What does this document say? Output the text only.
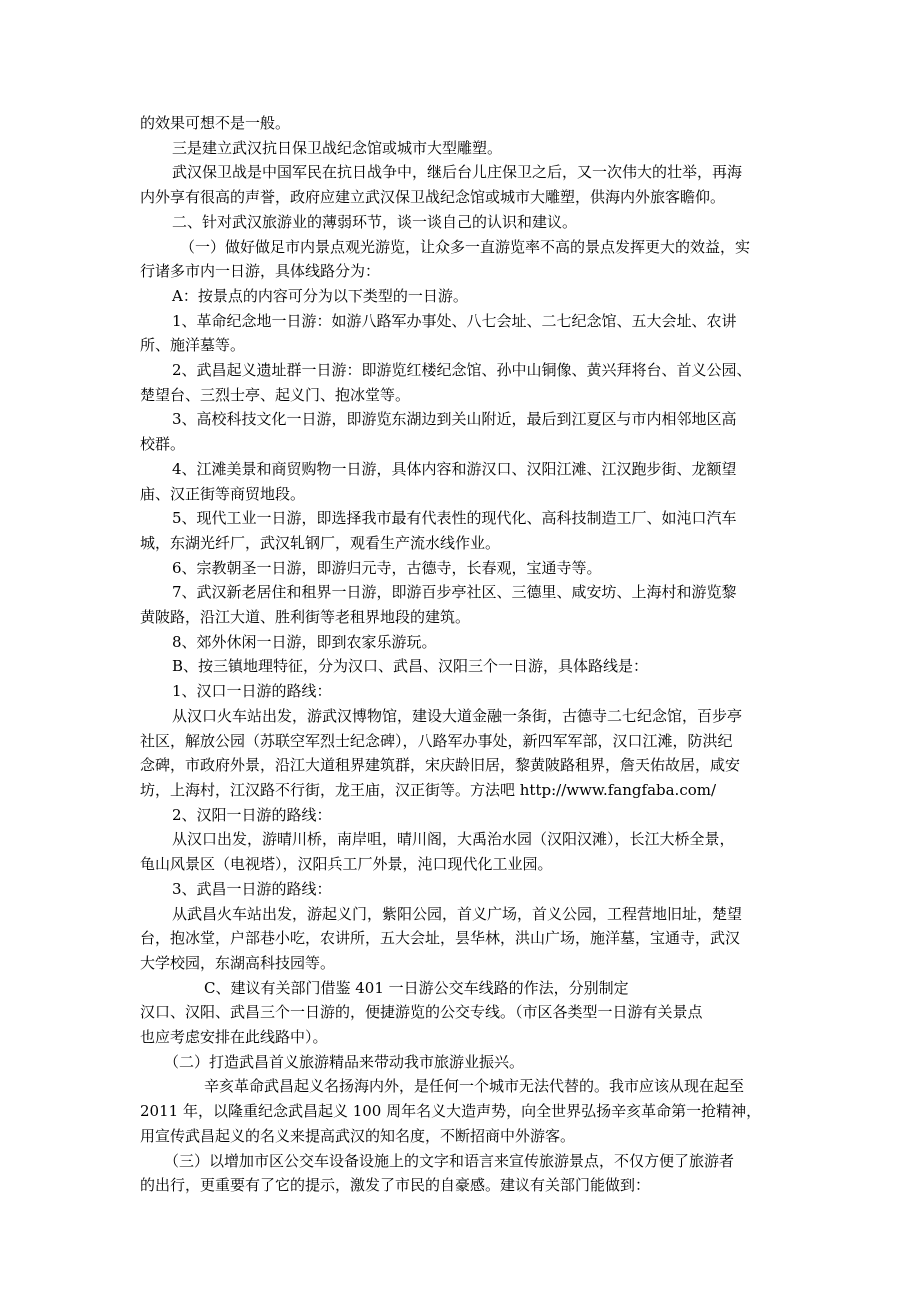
的效果可想不是一般。

三是建立武汉抗日保卫战纪念馆或城市大型雕塑。

武汉保卫战是中国军民在抗日战争中，继后台儿庄保卫之后，又一次伟大的壮举，再海

内外享有很高的声誉，政府应建立武汉保卫战纪念馆或城市大雕塑，供海内外旅客瞻仰。

二、针对武汉旅游业的薄弱环节，谈一谈自己的认识和建议。

（一）做好做足市内景点观光游览，让众多一直游览率不高的景点发挥更大的效益，实

行诸多市内一日游，具体线路分为：

A：按景点的内容可分为以下类型的一日游。

1、革命纪念地一日游：如游八路军办事处、八七会址、二七纪念馆、五大会址、农讲

所、施洋墓等。

2、武昌起义遗址群一日游：即游览红楼纪念馆、孙中山铜像、黄兴拜将台、首义公园、

楚望台、三烈士亭、起义门、抱冰堂等。

3、高校科技文化一日游，即游览东湖边到关山附近，最后到江夏区与市内相邻地区高

校群。

4、江滩美景和商贸购物一日游，具体内容和游汉口、汉阳江滩、江汉跑步街、龙额望

庙、汉正街等商贸地段。

5、现代工业一日游，即选择我市最有代表性的现代化、高科技制造工厂、如沌口汽车

城，东湖光纤厂，武汉轧钢厂，观看生产流水线作业。

6、宗教朝圣一日游，即游归元寺，古德寺，长春观，宝通寺等。

7、武汉新老居住和租界一日游，即游百步亭社区、三德里、咸安坊、上海村和游览黎

黄陂路，沿江大道、胜利街等老租界地段的建筑。

8、郊外休闲一日游，即到农家乐游玩。

B、按三镇地理特征，分为汉口、武昌、汉阳三个一日游，具体路线是：

1、汉口一日游的路线：

从汉口火车站出发，游武汉博物馆，建设大道金融一条街，古德寺二七纪念馆，百步亭

社区，解放公园（苏联空军烈士纪念碑），八路军办事处，新四军军部，汉口江滩，防洪纪

念碑，市政府外景，沿江大道租界建筑群，宋庆龄旧居，黎黄陂路租界，詹天佑故居，咸安

坊，上海村，江汉路不行街，龙王庙，汉正街等。方法吧 http://www.fangfaba.com/

2、汉阳一日游的路线：

从汉口出发，游晴川桥，南岸咀，晴川阁，大禹治水园（汉阳汉滩），长江大桥全景，

龟山风景区（电视塔），汉阳兵工厂外景，沌口现代化工业园。

3、武昌一日游的路线：

从武昌火车站出发，游起义门，紫阳公园，首义广场，首义公园，工程营地旧址，楚望

台，抱冰堂，户部巷小吃，农讲所，五大会址，昙华林，洪山广场，施洋墓，宝通寺，武汉

大学校园，东湖高科技园等。

C、建议有关部门借鉴 401 一日游公交车线路的作法，分别制定

汉口、汉阳、武昌三个一日游的，便捷游览的公交专线。（市区各类型一日游有关景点

也应考虑安排在此线路中）。

（二）打造武昌首义旅游精品来带动我市旅游业振兴。

辛亥革命武昌起义名扬海内外，是任何一个城市无法代替的。我市应该从现在起至

2011 年，以隆重纪念武昌起义 100 周年名义大造声势，向全世界弘扬辛亥革命第一抢精神，

用宣传武昌起义的名义来提高武汉的知名度，不断招商中外游客。

（三）以增加市区公交车设备设施上的文字和语言来宣传旅游景点，不仅方便了旅游者

的出行，更重要有了它的提示，激发了市民的自豪感。建议有关部门能做到：
